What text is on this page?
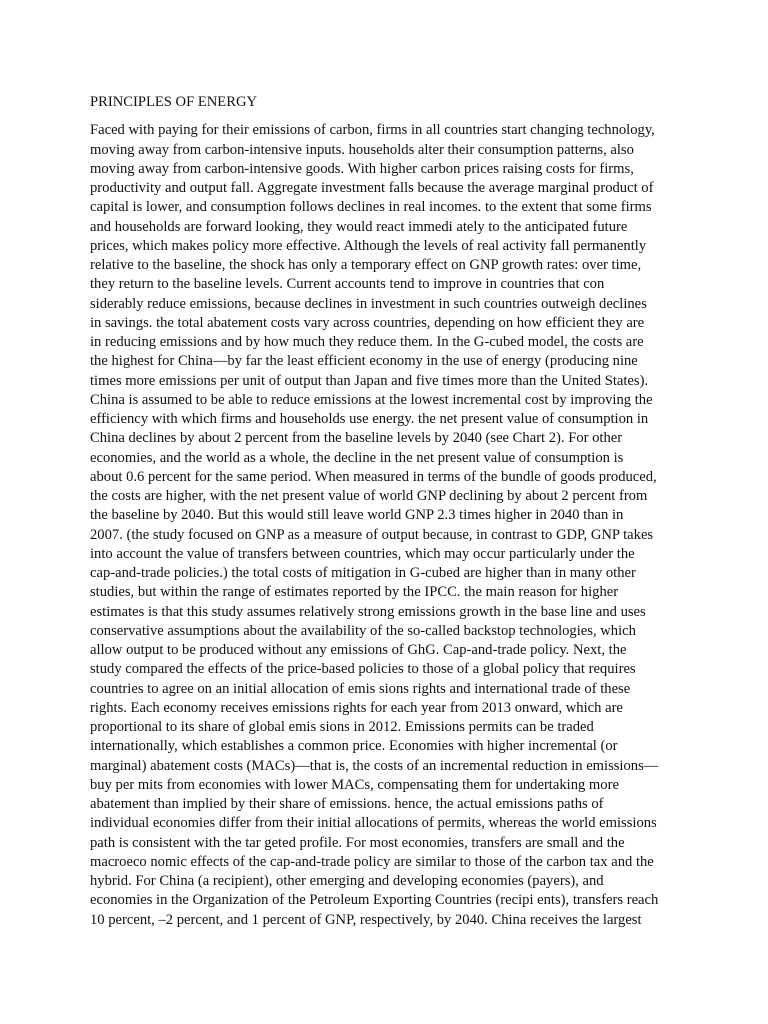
PRINCIPLES OF ENERGY
Faced with paying for their emissions of carbon, firms in all countries start changing technology,
moving away from carbon-intensive inputs. households alter their consumption patterns, also
moving away from carbon-intensive goods. With higher carbon prices raising costs for firms,
productivity and output fall. Aggregate investment falls because the average marginal product of
capital is lower, and consumption follows declines in real incomes. to the extent that some firms
and households are forward looking, they would react immedi ately to the anticipated future
prices, which makes policy more effective. Although the levels of real activity fall permanently
relative to the baseline, the shock has only a temporary effect on GNP growth rates: over time,
they return to the baseline levels. Current accounts tend to improve in countries that con
siderably reduce emissions, because declines in investment in such countries outweigh declines
in savings. the total abatement costs vary across countries, depending on how efficient they are
in reducing emissions and by how much they reduce them. In the G-cubed model, the costs are
the highest for China—by far the least efficient economy in the use of energy (producing nine
times more emissions per unit of output than Japan and five times more than the United States).
China is assumed to be able to reduce emissions at the lowest incremental cost by improving the
efficiency with which firms and households use energy. the net present value of consumption in
China declines by about 2 percent from the baseline levels by 2040 (see Chart 2). For other
economies, and the world as a whole, the decline in the net present value of consumption is
about 0.6 percent for the same period. When measured in terms of the bundle of goods produced,
the costs are higher, with the net present value of world GNP declining by about 2 percent from
the baseline by 2040. But this would still leave world GNP 2.3 times higher in 2040 than in
2007. (the study focused on GNP as a measure of output because, in contrast to GDP, GNP takes
into account the value of transfers between countries, which may occur particularly under the
cap-and-trade policies.) the total costs of mitigation in G-cubed are higher than in many other
studies, but within the range of estimates reported by the IPCC. the main reason for higher
estimates is that this study assumes relatively strong emissions growth in the base line and uses
conservative assumptions about the availability of the so-called backstop technologies, which
allow output to be produced without any emissions of GhG. Cap-and-trade policy. Next, the
study compared the effects of the price-based policies to those of a global policy that requires
countries to agree on an initial allocation of emis sions rights and international trade of these
rights. Each economy receives emissions rights for each year from 2013 onward, which are
proportional to its share of global emis sions in 2012. Emissions permits can be traded
internationally, which establishes a common price. Economies with higher incremental (or
marginal) abatement costs (MACs)—that is, the costs of an incremental reduction in emissions—
buy per mits from economies with lower MACs, compensating them for undertaking more
abatement than implied by their share of emissions. hence, the actual emissions paths of
individual economies differ from their initial allocations of permits, whereas the world emissions
path is consistent with the tar geted profile. For most economies, transfers are small and the
macroeco nomic effects of the cap-and-trade policy are similar to those of the carbon tax and the
hybrid. For China (a recipient), other emerging and developing economies (payers), and
economies in the Organization of the Petroleum Exporting Countries (recipi ents), transfers reach
10 percent, –2 percent, and 1 percent of GNP, respectively, by 2040. China receives the largest
